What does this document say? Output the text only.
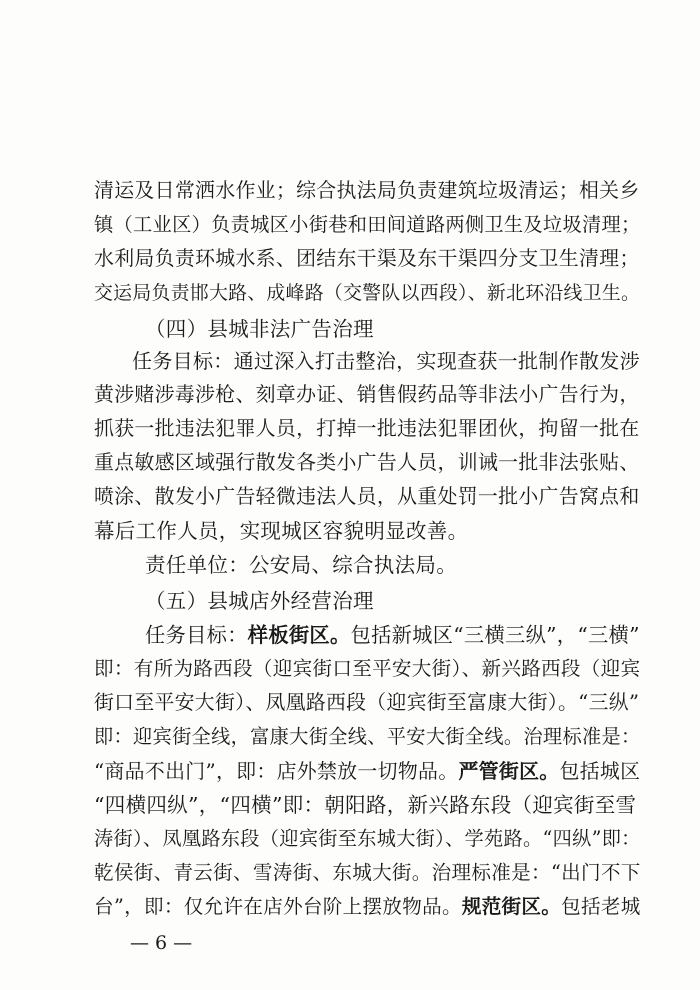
清运及日常洒水作业；综合执法局负责建筑垃圾清运；相关乡
镇（工业区）负责城区小街巷和田间道路两侧卫生及垃圾清理；
水利局负责环城水系、团结东干渠及东干渠四分支卫生清理；
交运局负责邯大路、成峰路（交警队以西段）、新北环沿线卫生。
（四）县城非法广告治理
任务目标：通过深入打击整治，实现查获一批制作散发涉
黄涉赌涉毒涉枪、刻章办证、销售假药品等非法小广告行为，
抓获一批违法犯罪人员，打掉一批违法犯罪团伙，拘留一批在
重点敏感区域强行散发各类小广告人员，训诫一批非法张贴、
喷涂、散发小广告轻微违法人员，从重处罚一批小广告窝点和
幕后工作人员，实现城区容貌明显改善。
责任单位：公安局、综合执法局。
（五）县城店外经营治理
任务目标：样板街区。包括新城区“三横三纵”，“三横”
即：有所为路西段（迎宾街口至平安大街）、新兴路西段（迎宾
街口至平安大街）、凤凰路西段（迎宾街至富康大街）。“三纵”
即：迎宾街全线，富康大街全线、平安大街全线。治理标准是：
“商品不出门”，即：店外禁放一切物品。严管街区。包括城区
“四横四纵”，“四横”即：朝阳路，新兴路东段（迎宾街至雪
涛街）、凤凰路东段（迎宾街至东城大街）、学苑路。“四纵”即：
乾侯街、青云街、雪涛街、东城大街。治理标准是：“出门不下
台”，即：仅允许在店外台阶上摆放物品。规范街区。包括老城
— 6 —
